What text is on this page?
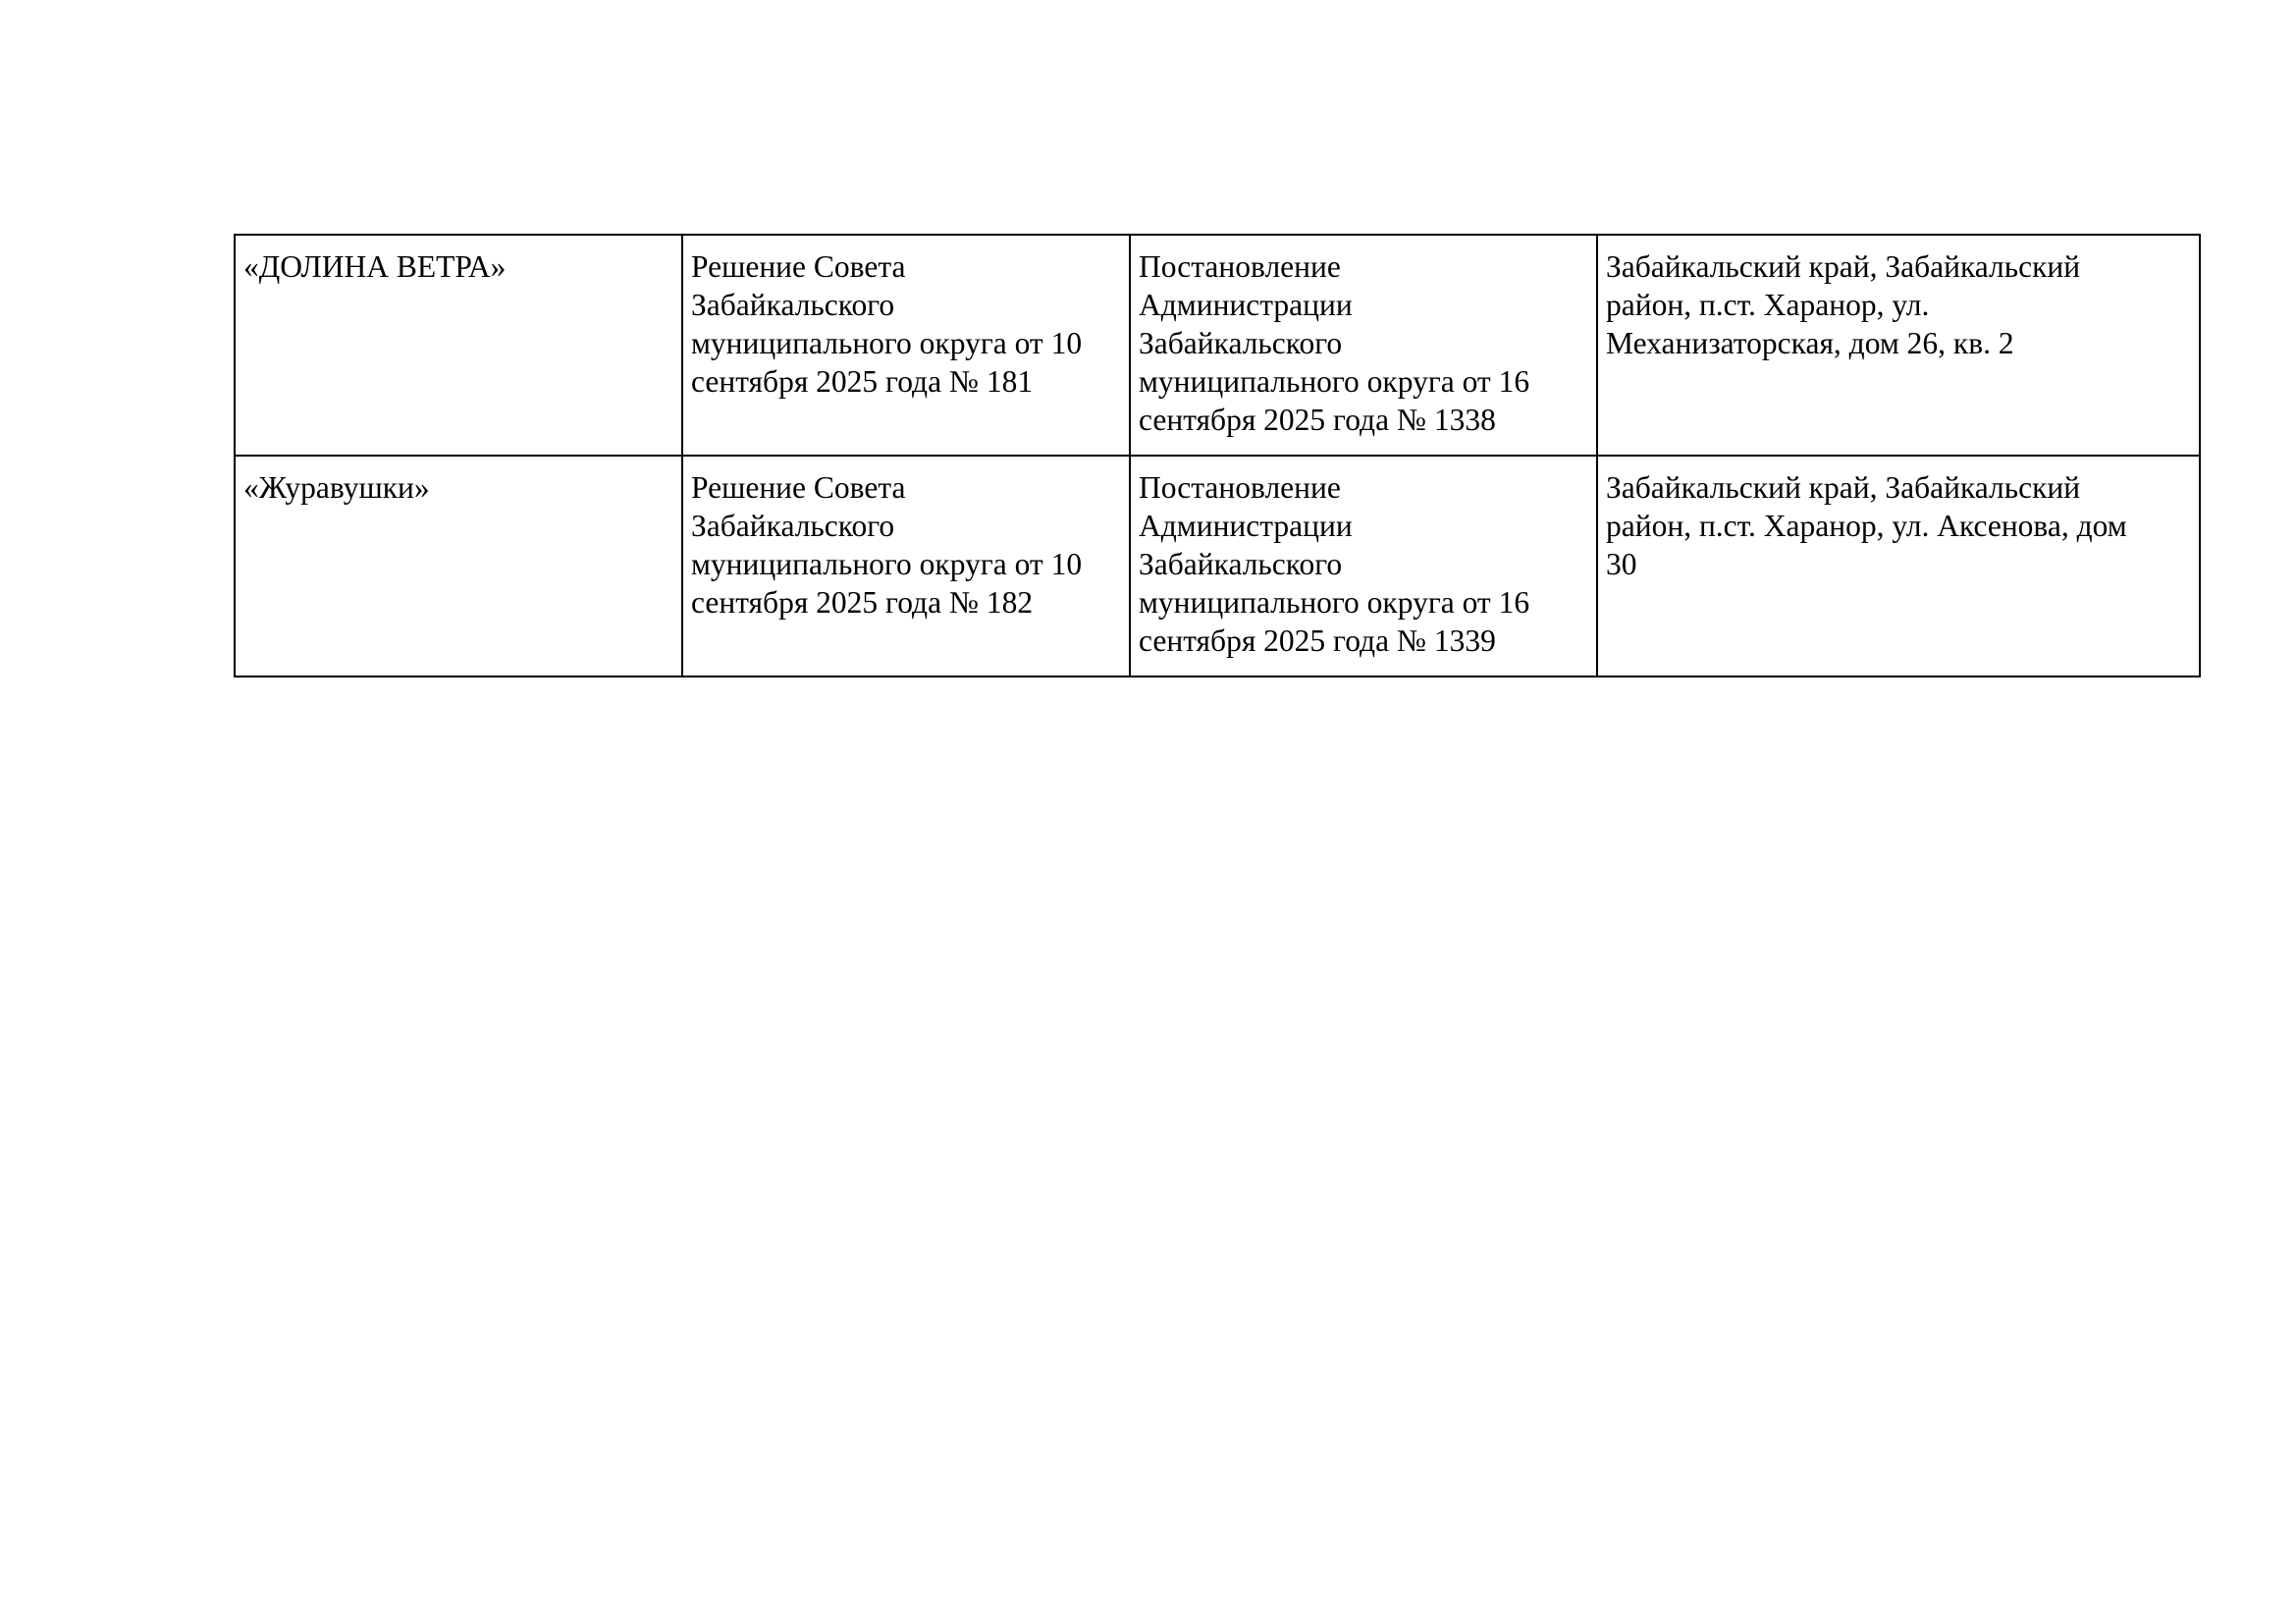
«ДОЛИНА ВЕТРА»	Решение Совета
Забайкальского
муниципального округа от 10
сентября 2025 года № 181	Постановление
Администрации
Забайкальского
муниципального округа от 16
сентября 2025 года № 1338	Забайкальский край, Забайкальский
район, п.ст. Харанор, ул.
Механизаторская, дом 26, кв. 2

«Журавушки»	Решение Совета
Забайкальского
муниципального округа от 10
сентября 2025 года № 182	Постановление
Администрации
Забайкальского
муниципального округа от 16
сентября 2025 года № 1339	Забайкальский край, Забайкальский
район, п.ст. Харанор, ул. Аксенова, дом
30
